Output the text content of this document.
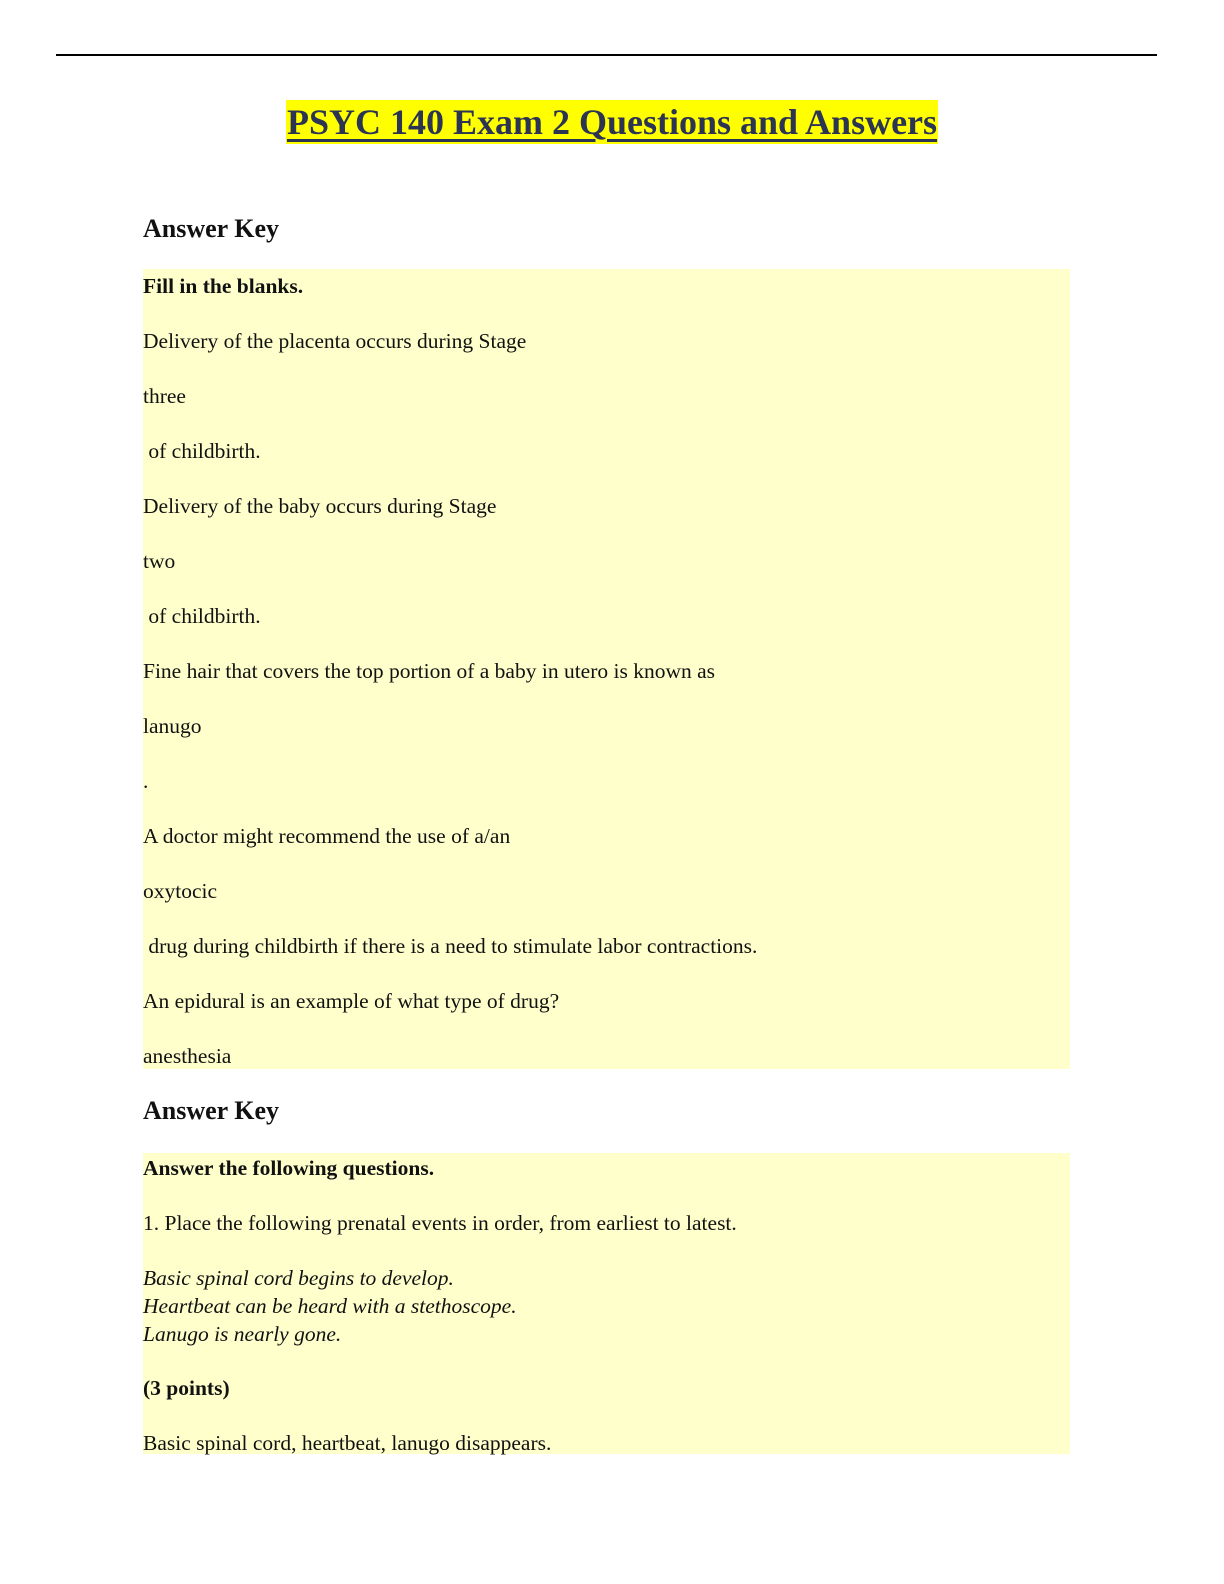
PSYC 140 Exam 2 Questions and Answers
Answer Key
Fill in the blanks.
Delivery of the placenta occurs during Stage
three
of childbirth.
Delivery of the baby occurs during Stage
two
of childbirth.
Fine hair that covers the top portion of a baby in utero is known as
lanugo
.
A doctor might recommend the use of a/an
oxytocic
drug during childbirth if there is a need to stimulate labor contractions.
An epidural is an example of what type of drug?
anesthesia
Answer Key
Answer the following questions.
1. Place the following prenatal events in order, from earliest to latest.
Basic spinal cord begins to develop.
Heartbeat can be heard with a stethoscope.
Lanugo is nearly gone.
(3 points)
Basic spinal cord, heartbeat, lanugo disappears.
